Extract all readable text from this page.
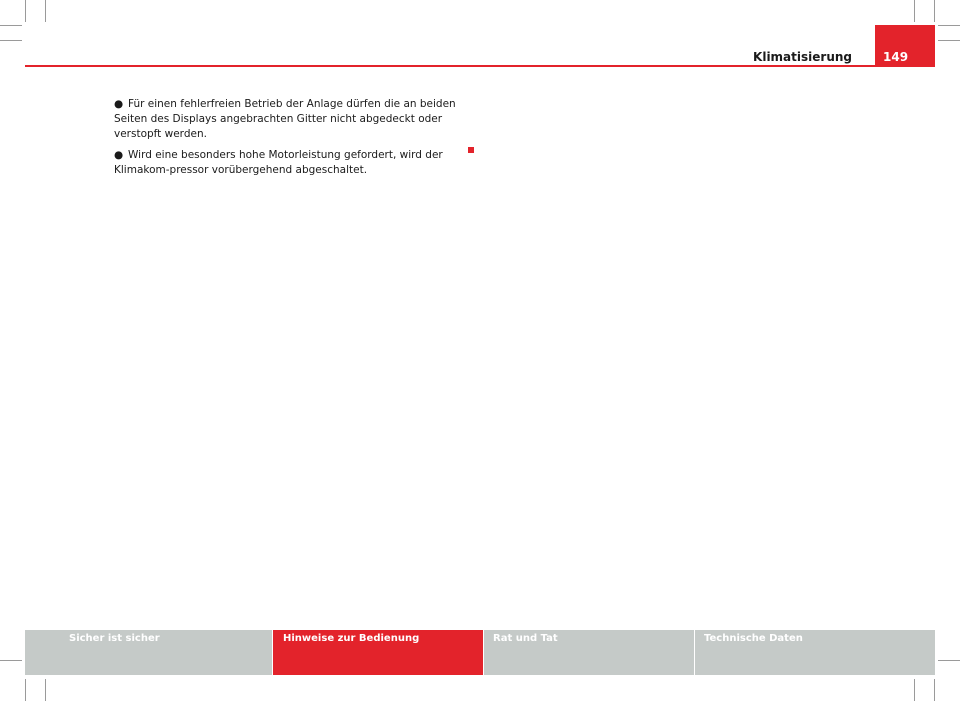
Klimatisierung	149

● Für einen fehlerfreien Betrieb der Anlage dürfen die an beiden Seiten des Displays angebrachten Gitter nicht abgedeckt oder verstopft werden.

● Wird eine besonders hohe Motorleistung gefordert, wird der Klimakom-pressor vorübergehend abgeschaltet.

Sicher ist sicher	Hinweise zur Bedienung	Rat und Tat	Technische Daten
